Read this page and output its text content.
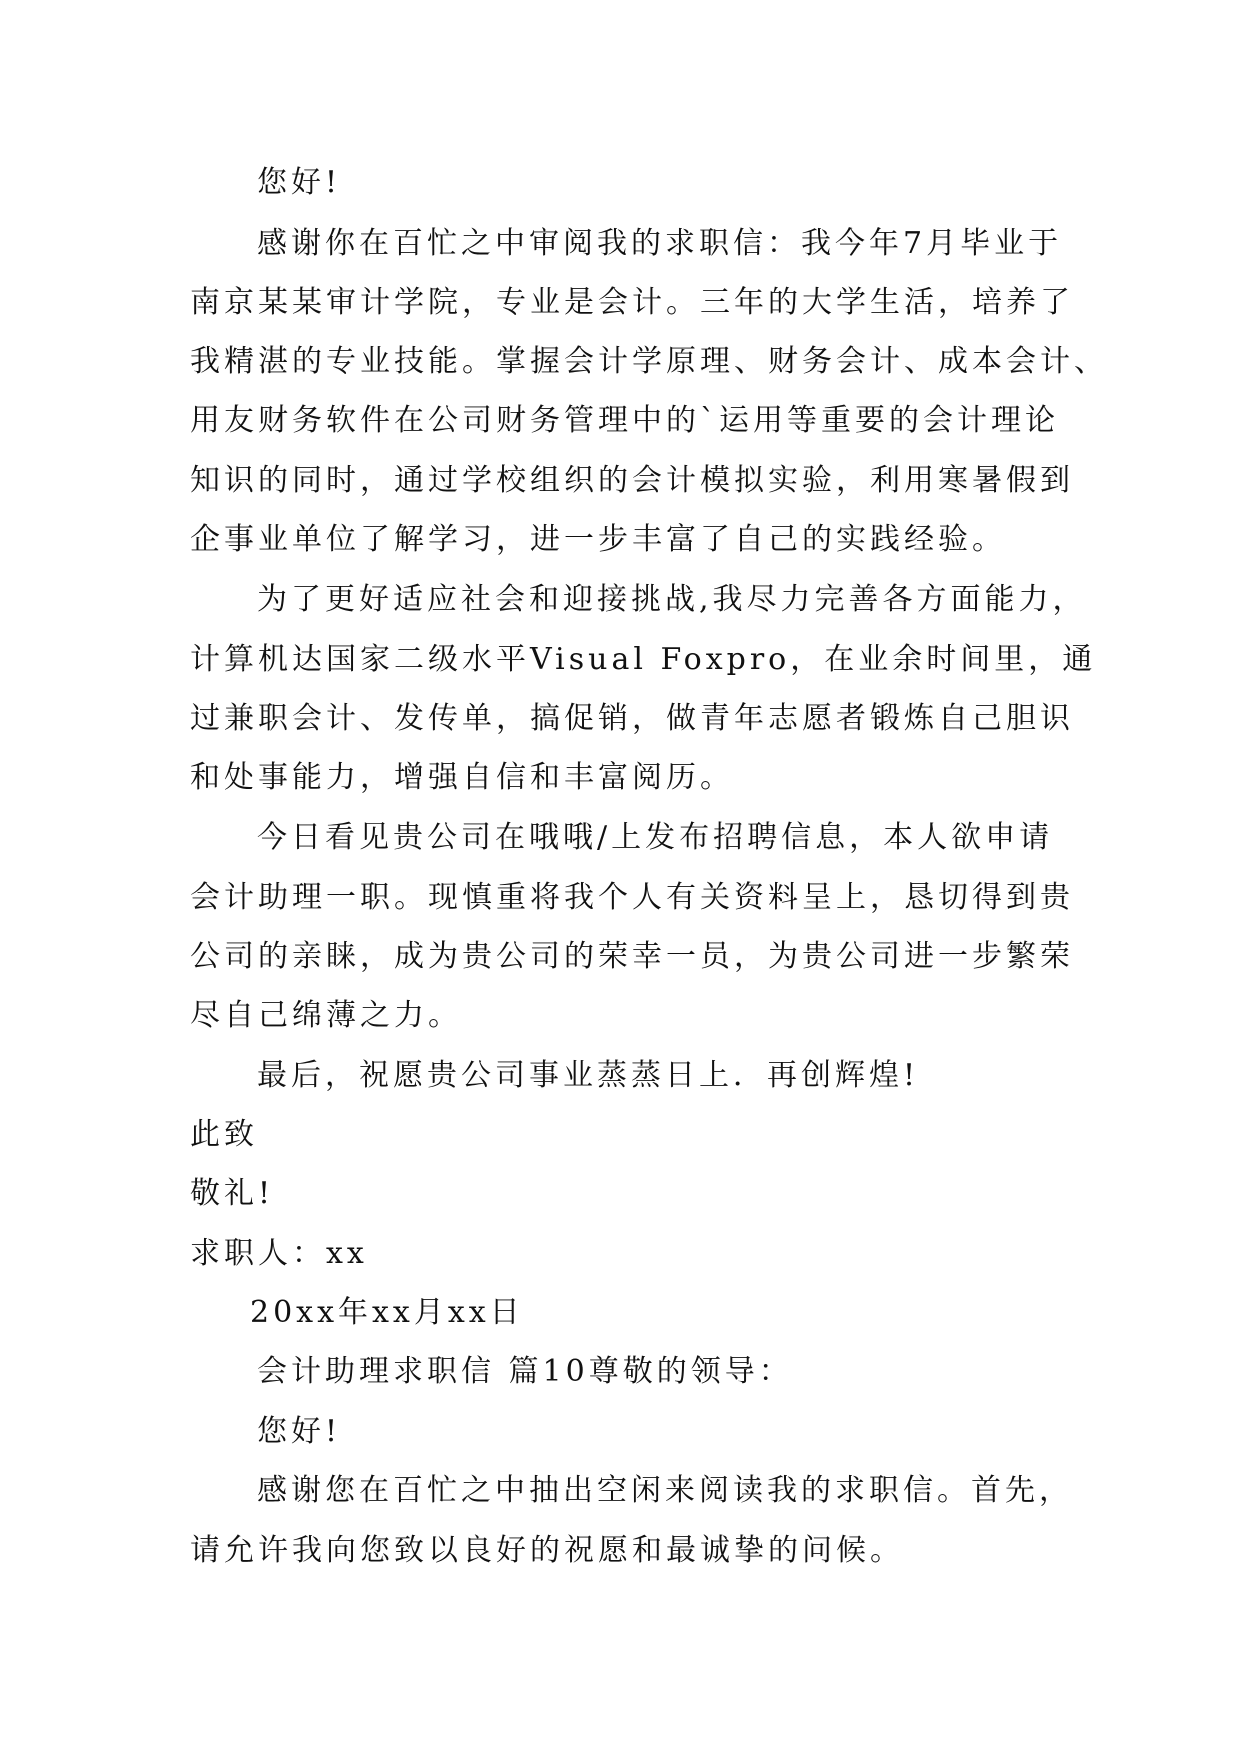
您好!
感谢你在百忙之中审阅我的求职信：我今年7月毕业于
南京某某审计学院，专业是会计。三年的大学生活，培养了
我精湛的专业技能。掌握会计学原理、财务会计、成本会计、
用友财务软件在公司财务管理中的`运用等重要的会计理论
知识的同时，通过学校组织的会计模拟实验，利用寒暑假到
企事业单位了解学习，进一步丰富了自己的实践经验。
为了更好适应社会和迎接挑战,我尽力完善各方面能力，
计算机达国家二级水平Visual Foxpro，在业余时间里，通
过兼职会计、发传单，搞促销，做青年志愿者锻炼自己胆识
和处事能力，增强自信和丰富阅历。
今日看见贵公司在哦哦/上发布招聘信息，本人欲申请
会计助理一职。现慎重将我个人有关资料呈上，恳切得到贵
公司的亲睐，成为贵公司的荣幸一员，为贵公司进一步繁荣
尽自己绵薄之力。
最后，祝愿贵公司事业蒸蒸日上．再创辉煌!
此致
敬礼!
求职人：xx
20xx年xx月xx日
会计助理求职信 篇10尊敬的领导：
您好!
感谢您在百忙之中抽出空闲来阅读我的求职信。首先，
请允许我向您致以良好的祝愿和最诚挚的问候。
